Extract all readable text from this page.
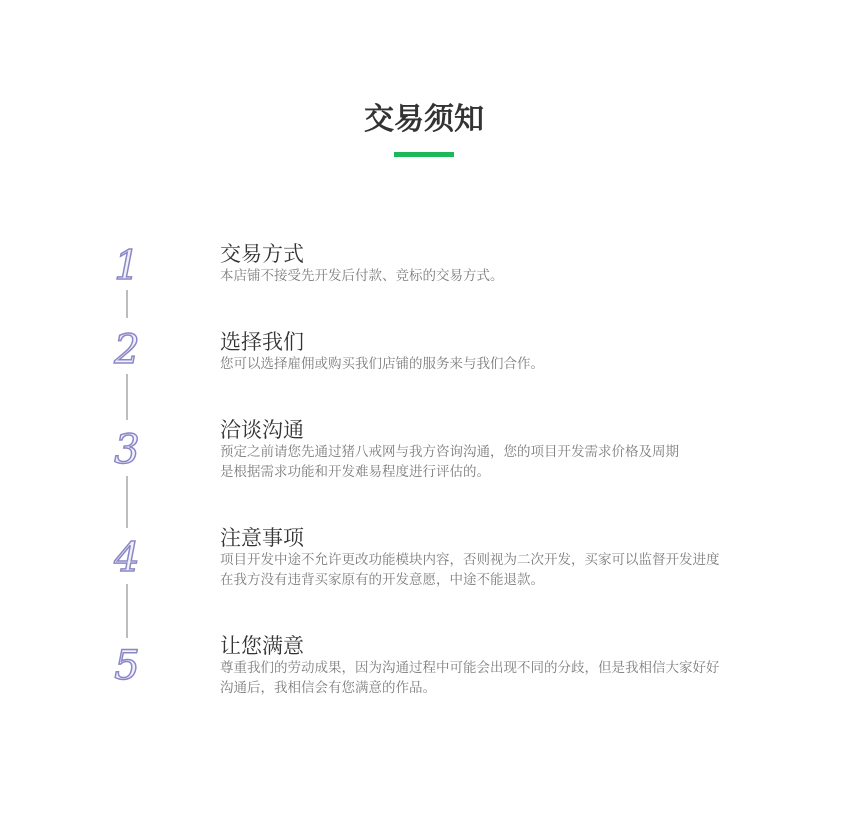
交易须知
1	交易方式

本店铺不接受先开发后付款、竞标的交易方式。

2	选择我们

您可以选择雇佣或购买我们店铺的服务来与我们合作。

3	洽谈沟通

预定之前请您先通过猪八戒网与我方咨询沟通，您的项目开发需求价格及周期

是根据需求功能和开发难易程度进行评估的。

4	注意事项

项目开发中途不允许更改功能模块内容，否则视为二次开发，买家可以监督开发进度

在我方没有违背买家原有的开发意愿，中途不能退款。

5	让您满意

尊重我们的劳动成果，因为沟通过程中可能会出现不同的分歧，但是我相信大家好好

沟通后，我相信会有您满意的作品。
